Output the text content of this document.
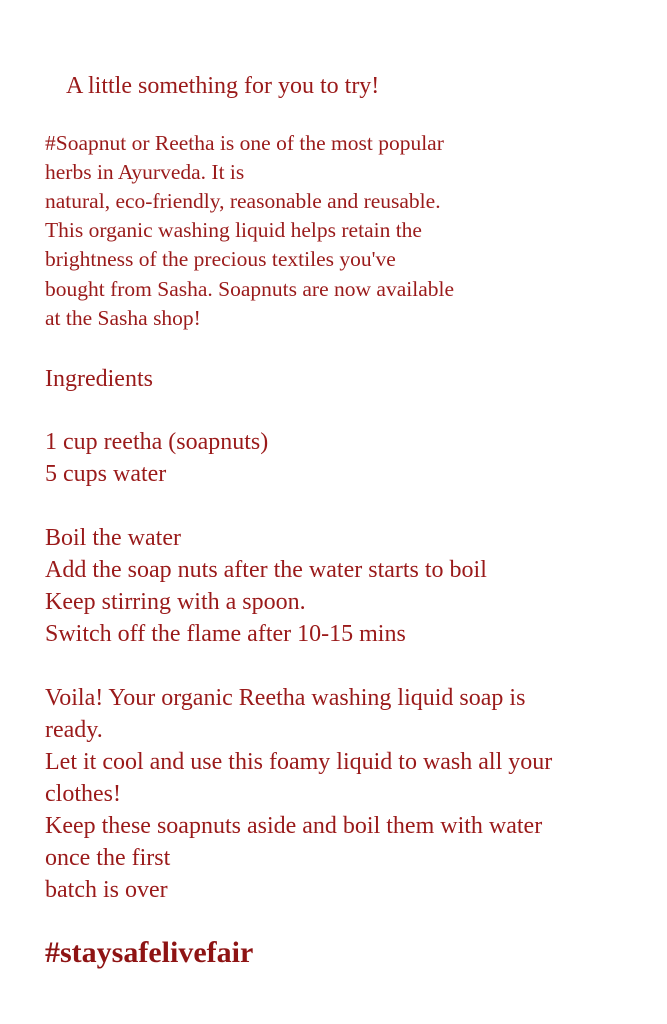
A little something for you to try!
#Soapnut or Reetha is one of the most popular
herbs in Ayurveda. It is
natural, eco-friendly, reasonable and reusable.
This organic washing liquid helps retain the
brightness of the precious textiles you've
bought from Sasha. Soapnuts are now available
at the Sasha shop!
Ingredients
1 cup reetha (soapnuts)
5 cups water
Boil the water
Add the soap nuts after the water starts to boil
Keep stirring with a spoon.
Switch off the flame after 10-15 mins
Voila! Your organic Reetha washing liquid soap is
ready.
Let it cool and use this foamy liquid to wash all your
clothes!
Keep these soapnuts aside and boil them with water
once the first
batch is over
#staysafelivefair
